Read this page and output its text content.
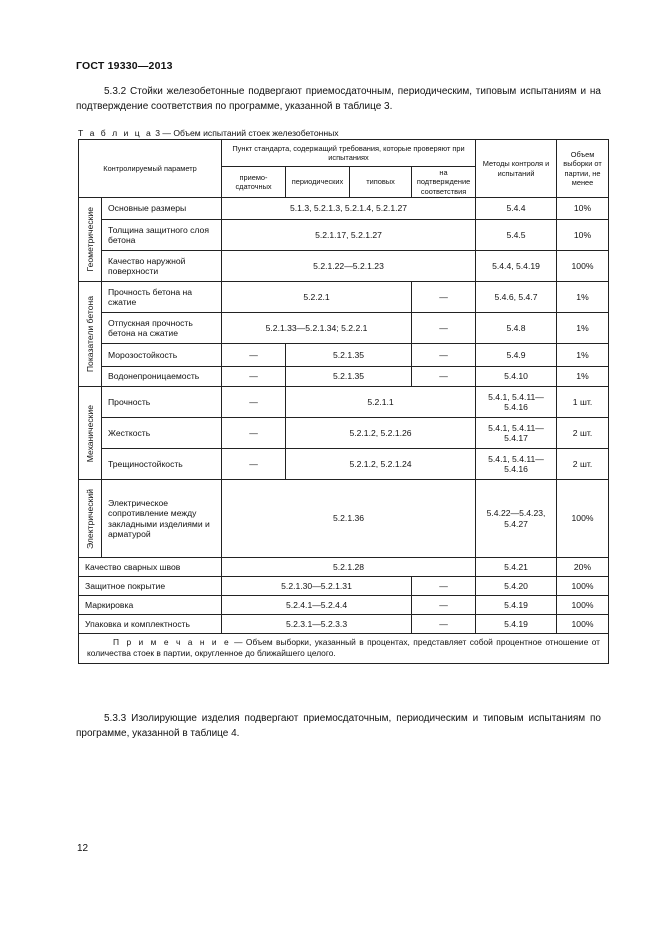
ГОСТ 19330—2013
5.3.2 Стойки железобетонные подвергают приемосдаточным, периодическим, типовым испытаниям и на подтверждение соответствия по программе, указанной в таблице 3.
Т а б л и ц а 3 — Объем испытаний стоек железобетонных
Контролируемый параметр		Пункт стандарта, содержащий требования, которые проверяют при испытаниях				Методы контроля и испытаний	Объем выборки от партии, не менее
		приемо-сдаточных	периодических	типовых	на подтверждение соответствия		

Геометрические	Основные размеры	5.1.3, 5.2.1.3, 5.2.1.4, 5.2.1.27				5.4.4	10%
	Толщина защитного слоя бетона	5.2.1.17, 5.2.1.27				5.4.5	10%
	Качество наружной поверхности	5.2.1.22—5.2.1.23				5.4.4, 5.4.19	100%

Показатели бетона	Прочность бетона на сжатие	5.2.2.1			—	5.4.6, 5.4.7	1%
	Отпускная прочность бетона на сжатие	5.2.1.33—5.2.1.34; 5.2.2.1			—	5.4.8	1%
	Морозостойкость	—	5.2.1.35		—	5.4.9	1%
	Водонепроницаемость	—	5.2.1.35		—	5.4.10	1%

Механические	Прочность	—	5.2.1.1			5.4.1, 5.4.11—5.4.16	1 шт.
	Жесткость	—	5.2.1.2, 5.2.1.26			5.4.1, 5.4.11—5.4.17	2 шт.
	Трещиностойкость	—	5.2.1.2, 5.2.1.24			5.4.1, 5.4.11—5.4.16	2 шт.

Электрический	Электрическое сопротивление между закладными изделиями и арматурой	5.2.1.36				5.4.22—5.4.23, 5.4.27	100%
Качество сварных швов		5.2.1.28				5.4.21	20%
Защитное покрытие		5.2.1.30—5.2.1.31			—	5.4.20	100%
Маркировка		5.2.4.1—5.2.4.4			—	5.4.19	100%
Упаковка и комплектность		5.2.3.1—5.2.3.3			—	5.4.19	100%
П р и м е ч а н и е — Объем выборки, указанный в процентах, представляет собой процентное отношение от количества стоек в партии, округленное до ближайшего целого.							
5.3.3 Изолирующие изделия подвергают приемосдаточным, периодическим и типовым испытаниям по программе, указанной в таблице 4.
12
